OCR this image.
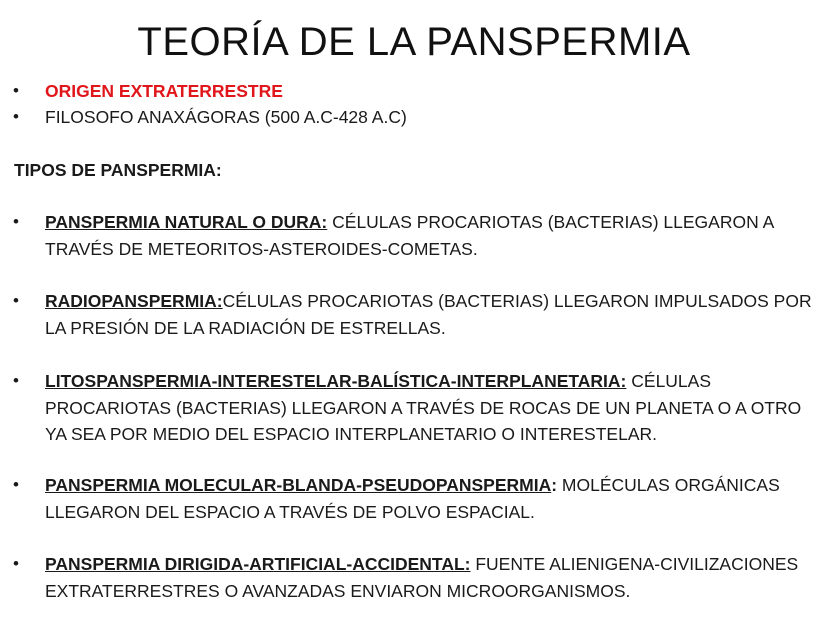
TEORÍA DE LA PANSPERMIA
• ORIGEN EXTRATERRESTRE
• FILOSOFO ANAXÁGORAS (500 A.C-428 A.C)
TIPOS DE PANSPERMIA:
• PANSPERMIA NATURAL O DURA: CÉLULAS PROCARIOTAS (BACTERIAS) LLEGARON A TRAVÉS DE METEORITOS-ASTEROIDES-COMETAS.
• RADIOPANSPERMIA:CÉLULAS PROCARIOTAS (BACTERIAS) LLEGARON IMPULSADOS POR LA PRESIÓN DE LA RADIACIÓN DE ESTRELLAS.
• LITOSPANSPERMIA-INTERESTELAR-BALÍSTICA-INTERPLANETARIA: CÉLULAS PROCARIOTAS (BACTERIAS) LLEGARON A TRAVÉS DE ROCAS DE UN PLANETA O A OTRO YA SEA POR MEDIO DEL ESPACIO INTERPLANETARIO O INTERESTELAR.
• PANSPERMIA MOLECULAR-BLANDA-PSEUDOPANSPERMIA: MOLÉCULAS ORGÁNICAS LLEGARON DEL ESPACIO A TRAVÉS DE POLVO ESPACIAL.
• PANSPERMIA DIRIGIDA-ARTIFICIAL-ACCIDENTAL: FUENTE ALIENIGENA-CIVILIZACIONES EXTRATERRESTRES O AVANZADAS ENVIARON MICROORGANISMOS.
